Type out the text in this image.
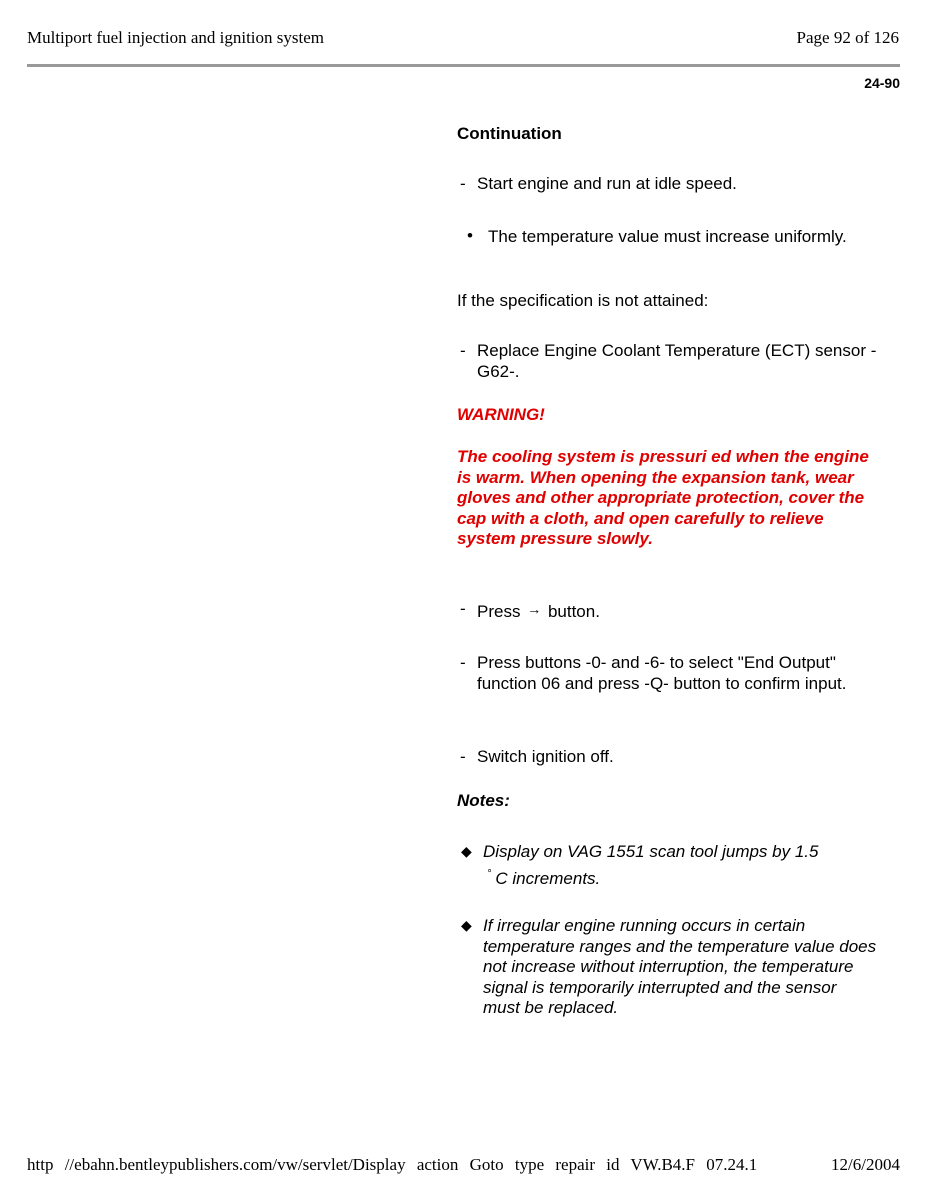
Multiport fuel injection and ignition system	Page 92 of 126
24-90
Continuation
- Start engine and run at idle speed.
• The temperature value must increase uniformly.
If the specification is not attained:
- Replace Engine Coolant Temperature (ECT) sensor -G62-.
WARNING!
The cooling system is pressuri ed when the engine is warm. When opening the expansion tank, wear gloves and other appropriate protection, cover the cap with a cloth, and open carefully to relieve system pressure slowly.
- Press → button.
- Press buttons -0- and -6- to select "End Output" function 06 and press -Q- button to confirm input.
- Switch ignition off.
Notes:
◆ Display on VAG 1551 scan tool jumps by 1.5
° C increments.
◆ If irregular engine running occurs in certain temperature ranges and the temperature value does not increase without interruption, the temperature signal is temporarily interrupted and the sensor must be replaced.
http //ebahn.bentleypublishers.com/vw/servlet/Display action Goto type repair id VW.B4.F 07.24.1	12/6/2004
